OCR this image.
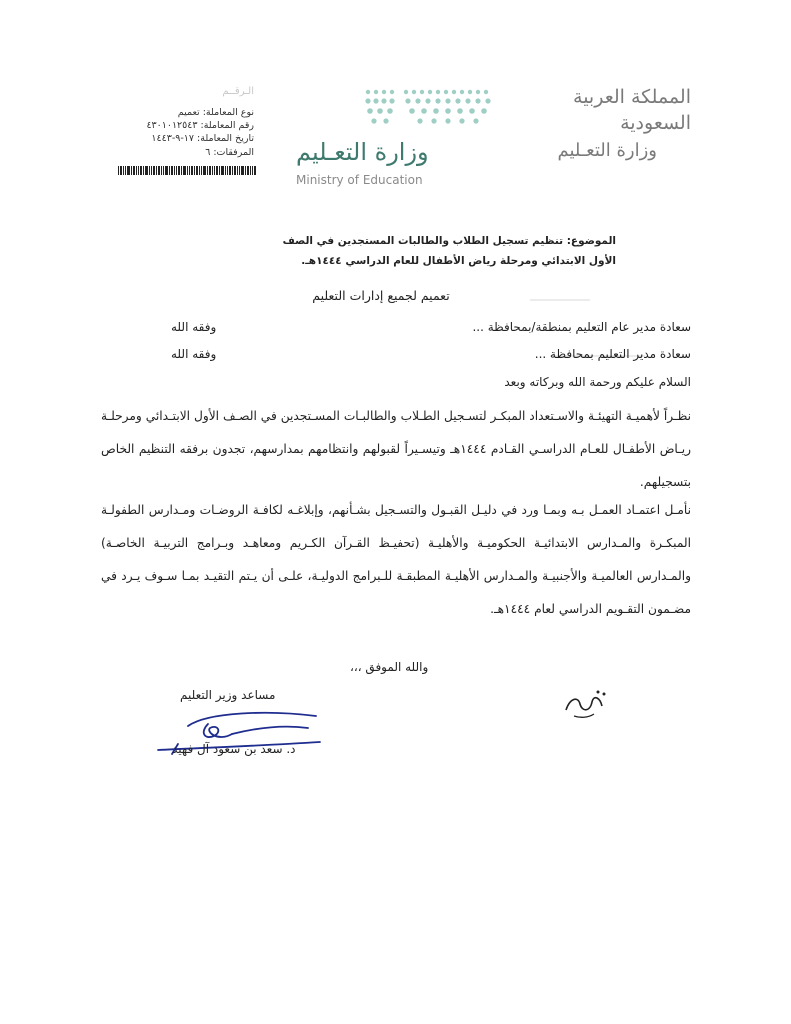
المملكة العربية السعودية
وزارة التعـليم
وزارة التعـليم
Ministry of Education
الـرقــم
نوع المعاملة: تعميم
رقم المعاملة: ٤٣٠١٠١٢٥٤٣
تاريخ المعاملة: ١٧-٩-١٤٤٣
المرفقات: ٦
الموضوع: تنظيم تسجيل الطلاب والطالبات المستجدين في الصف
الأول الابتدائي ومرحلة رياض الأطفال للعام الدراسي ١٤٤٤هـ.
تعميم لجميع إدارات التعليم
سعادة مدير عام التعليم بمنطقة/بمحافظة ...
وفقه الله
سعادة مدير التعليم بمحافظة ...
وفقه الله
السلام عليكم ورحمة الله وبركاته وبعد
نظـراً لأهميـة التهيئـة والاسـتعداد المبكـر لتسـجيل الطـلاب والطالبـات المسـتجدين في الصـف الأول الابتـدائي ومرحلـة ريـاض الأطفـال للعـام الدراسـي القـادم ١٤٤٤هـ وتيسـيراً لقبولهم وانتظامهم بمدارسهم، تجدون برفقه التنظيم الخاص بتسجيلهم.
نأمـل اعتمـاد العمـل بـه وبمـا ورد في دليـل القبـول والتسـجيل بشـأنهم، وإبلاغـه لكافـة الروضـات ومـدارس الطفولـة المبكـرة والمـدارس الابتدائيـة الحكوميـة والأهليـة (تحفيـظ القـرآن الكـريم ومعاهـد وبـرامج التربيـة الخاصـة) والمـدارس العالميـة والأجنبيـة والمـدارس الأهليـة المطبقـة للـبرامج الدوليـة، علـى أن يـتم التقيـد بمـا سـوف يـرد في مضـمون التقـويم الدراسي لعام ١٤٤٤هـ.
والله الموفق ،،،
مساعد وزير التعليم
د. سعد بن سعود آل فهيد
